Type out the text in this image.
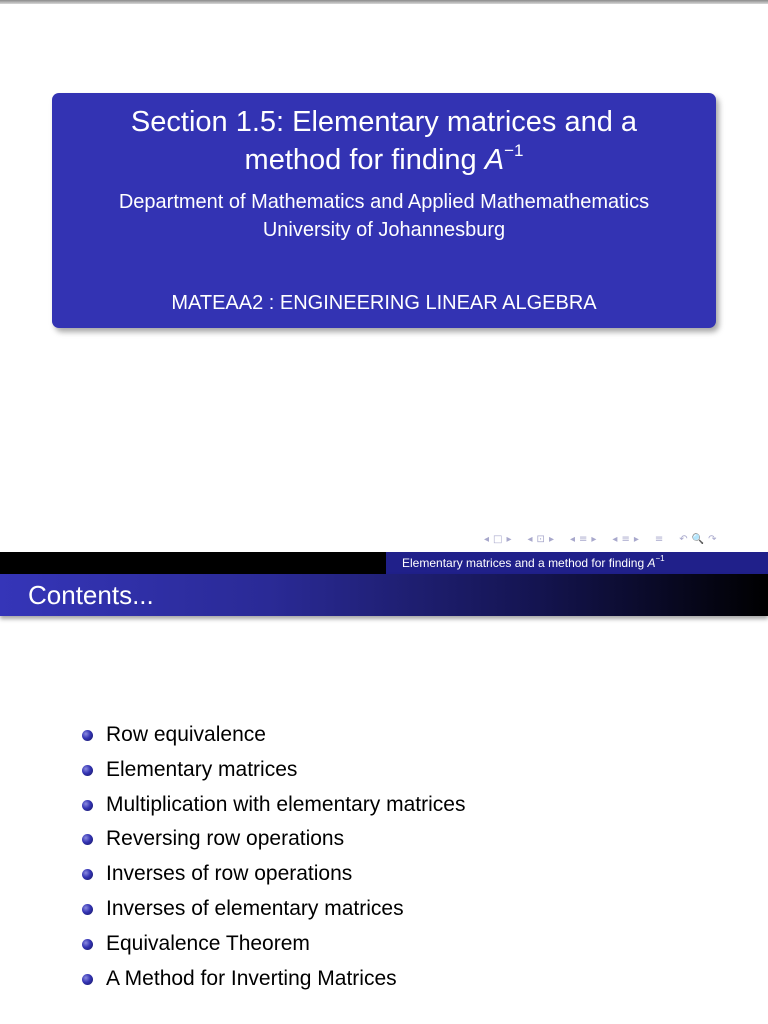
Section 1.5: Elementary matrices and a
method for finding $A^{-1}$
Department of Mathematics and Applied Mathemathematics
University of Johannesburg
MATEAA2 : ENGINEERING LINEAR ALGEBRA
◂ □ ▸ ◂ ⊡ ▸ ◂ ≡ ▸ ◂ ≡ ▸ ≡ ↶ 🔍 ↷
Elementary matrices and a method for finding $A^{-1}$
Contents...
Row equivalence
Elementary matrices
Multiplication with elementary matrices
Reversing row operations
Inverses of row operations
Inverses of elementary matrices
Equivalence Theorem
A Method for Inverting Matrices
